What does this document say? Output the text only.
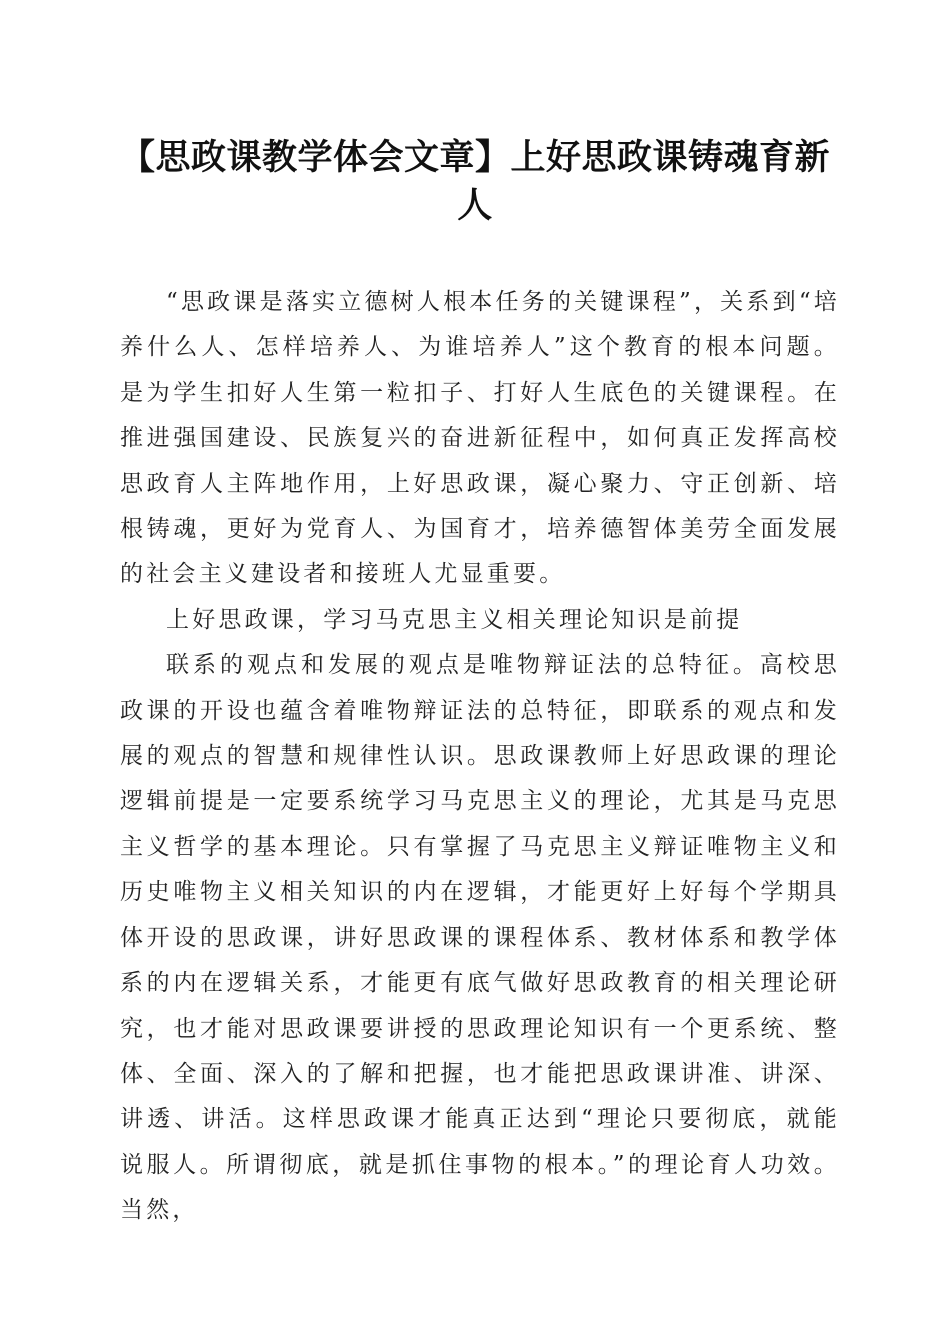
【思政课教学体会文章】上好思政课铸魂育新人

“思政课是落实立德树人根本任务的关键课程”，关系到“培养什么人、怎样培养人、为谁培养人”这个教育的根本问题。是为学生扣好人生第一粒扣子、打好人生底色的关键课程。在推进强国建设、民族复兴的奋进新征程中，如何真正发挥高校思政育人主阵地作用，上好思政课，凝心聚力、守正创新、培根铸魂，更好为党育人、为国育才，培养德智体美劳全面发展的社会主义建设者和接班人尤显重要。

上好思政课，学习马克思主义相关理论知识是前提

联系的观点和发展的观点是唯物辩证法的总特征。高校思政课的开设也蕴含着唯物辩证法的总特征，即联系的观点和发展的观点的智慧和规律性认识。思政课教师上好思政课的理论逻辑前提是一定要系统学习马克思主义的理论，尤其是马克思主义哲学的基本理论。只有掌握了马克思主义辩证唯物主义和历史唯物主义相关知识的内在逻辑，才能更好上好每个学期具体开设的思政课，讲好思政课的课程体系、教材体系和教学体系的内在逻辑关系，才能更有底气做好思政教育的相关理论研究，也才能对思政课要讲授的思政理论知识有一个更系统、整体、全面、深入的了解和把握，也才能把思政课讲准、讲深、讲透、讲活。这样思政课才能真正达到“理论只要彻底，就能说服人。所谓彻底，就是抓住事物的根本。”的理论育人功效。当然，
